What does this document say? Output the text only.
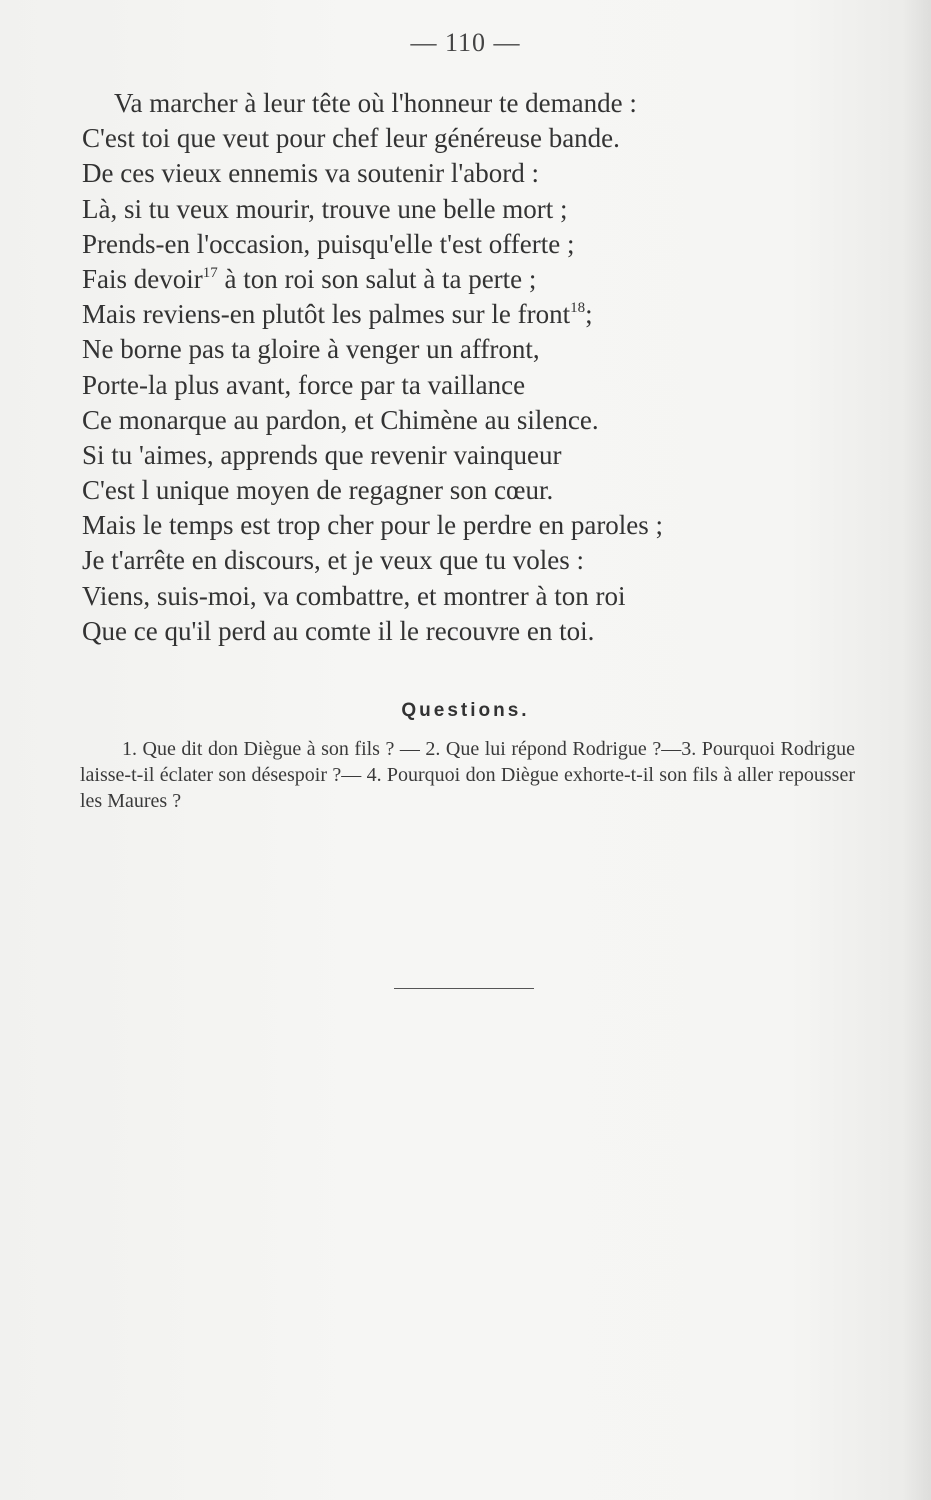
— 110 —
Va marcher à leur tête où l'honneur te demande :
C'est toi que veut pour chef leur généreuse bande.
De ces vieux ennemis va soutenir l'abord :
Là, si tu veux mourir, trouve une belle mort ;
Prends-en l'occasion, puisqu'elle t'est offerte ;
Fais devoir$^{17}$ à ton roi son salut à ta perte ;
Mais reviens-en plutôt les palmes sur le front$^{18}$;
Ne borne pas ta gloire à venger un affront,
Porte-la plus avant, force par ta vaillance
Ce monarque au pardon, et Chimène au silence.
Si tu 'aimes, apprends que revenir vainqueur
C'est l unique moyen de regagner son cœur.
Mais le temps est trop cher pour le perdre en paroles ;
Je t'arrête en discours, et je veux que tu voles :
Viens, suis-moi, va combattre, et montrer à ton roi
Que ce qu'il perd au comte il le recouvre en toi.
Questions.
1. Que dit don Diègue à son fils ? — 2. Que lui répond Rodrigue ?—3. Pourquoi Rodrigue laisse-t-il éclater son désespoir ?— 4. Pourquoi don Diègue exhorte-t-il son fils à aller repousser les Maures ?
